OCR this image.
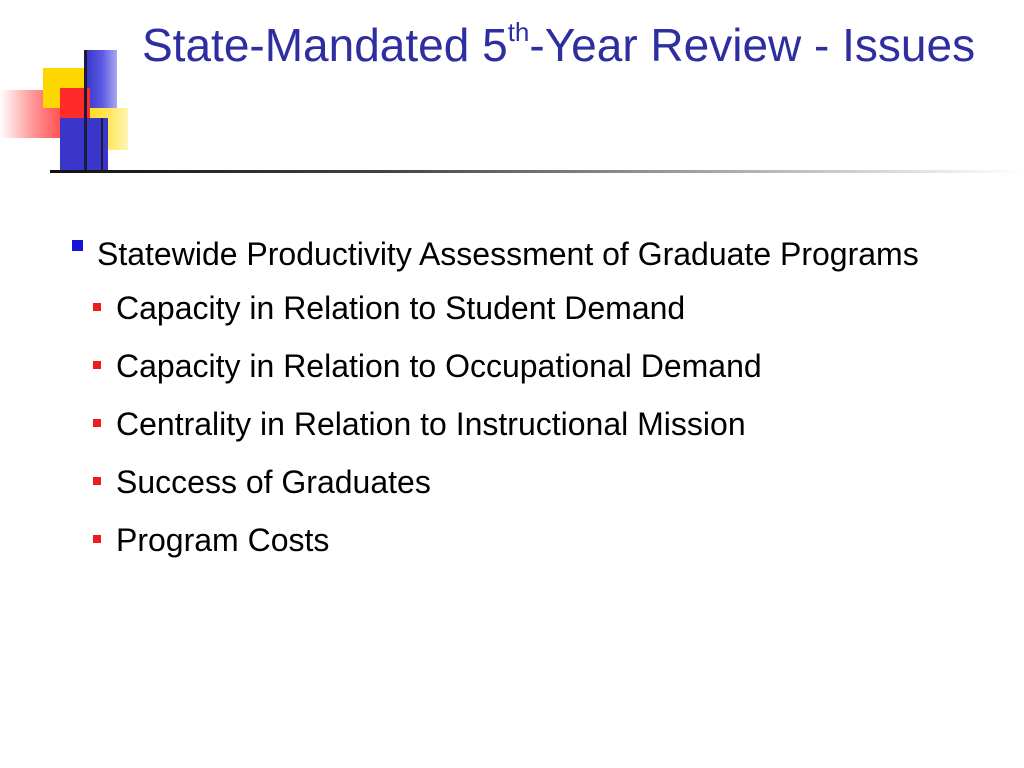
State-Mandated 5th-Year Review - Issues

Statewide Productivity Assessment of Graduate Programs

Capacity in Relation to Student Demand
Capacity in Relation to Occupational Demand
Centrality in Relation to Instructional Mission
Success of Graduates
Program Costs
